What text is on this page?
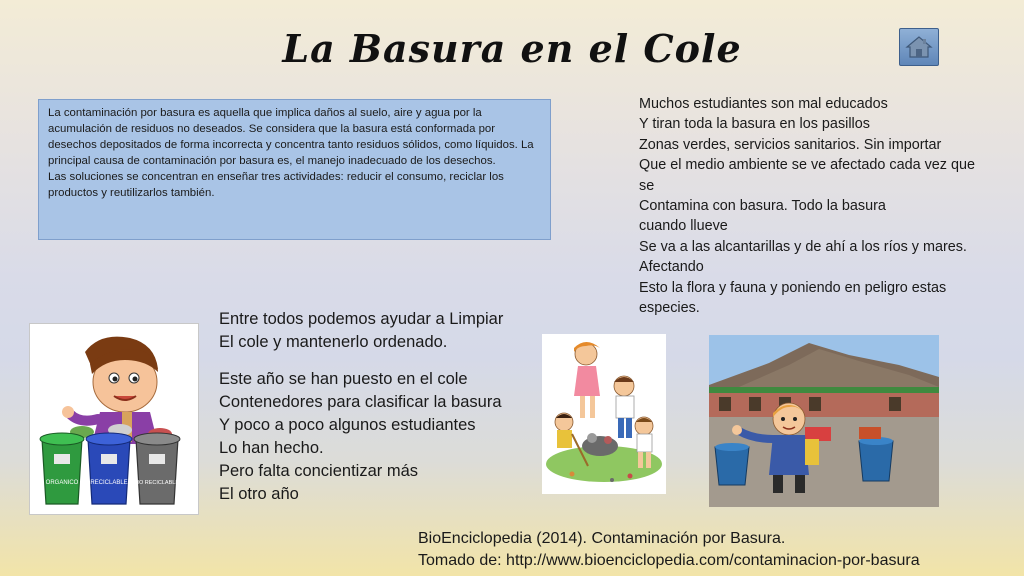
La Basura en el Cole

La contaminación por basura es aquella que implica daños al suelo, aire y agua por la acumulación de residuos no deseados. Se considera que la basura está conformada por desechos depositados de forma incorrecta y concentra tanto residuos sólidos, como líquidos. La principal causa de contaminación por basura es, el manejo inadecuado de los desechos.

Las soluciones se concentran en enseñar tres actividades: reducir el consumo, reciclar los productos y reutilizarlos también.

Muchos estudiantes son mal educados
Y tiran toda la basura en los pasillos
Zonas verdes, servicios sanitarios. Sin importar
Que el medio ambiente se ve afectado cada vez que
se
Contamina con basura. Todo la basura
cuando llueve
Se va a las alcantarillas y de ahí a los ríos y mares.
Afectando
Esto la flora y fauna y poniendo en peligro estas
especies.
Entre todos podemos ayudar a Limpiar
El cole y mantenerlo ordenado.
Este año se han puesto en el cole
Contenedores para clasificar la basura
Y poco a poco algunos estudiantes
Lo han hecho.
Pero falta concientizar más
El otro año
ORGANICO RECICLABLE NO RECICLABLE
BioEnciclopedia (2014). Contaminación por Basura.
Tomado de: http://www.bioenciclopedia.com/contaminacion-por-basura
